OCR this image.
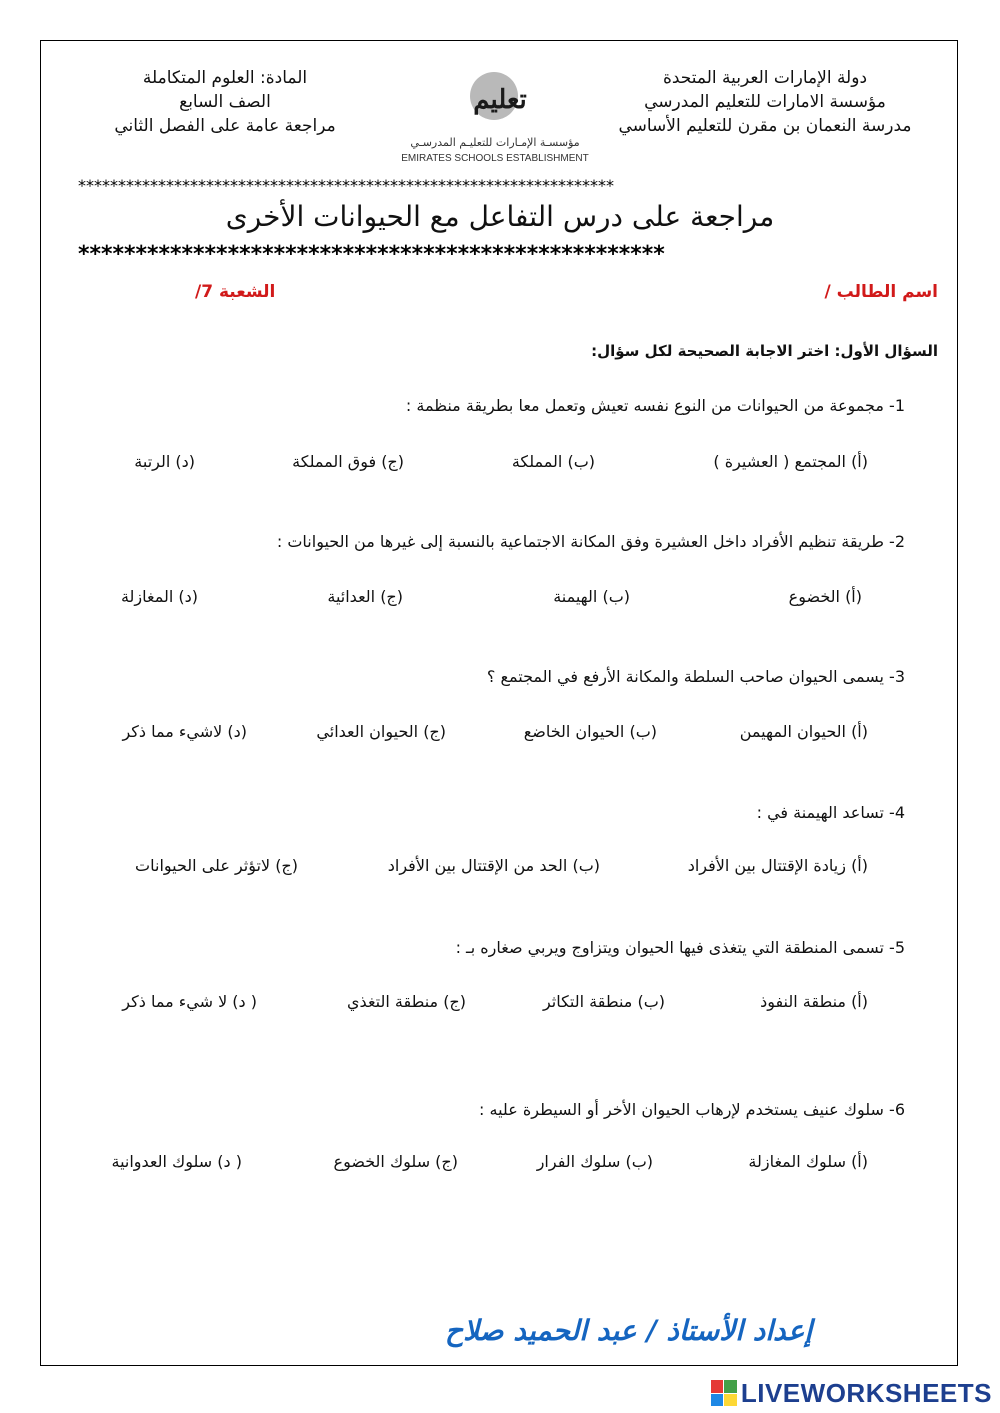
دولة الإمارات العربية المتحدة
مؤسسة الامارات للتعليم المدرسي
مدرسة النعمان بن مقرن للتعليم الأساسي
تعليم
مؤسسـة الإمـارات للتعليـم المدرسـي
EMIRATES SCHOOLS ESTABLISHMENT
المادة: العلوم المتكاملة
الصف السابع
مراجعة عامة على الفصل الثاني
*******************************************************************
مراجعة على درس التفاعل مع الحيوانات الأخرى
***************************************************
اسم الطالب /
الشعبة 7/
السؤال الأول: اختر الاجابة الصحيحة لكل سؤال:
1- مجموعة من الحيوانات من النوع نفسه تعيش وتعمل معا بطريقة منظمة :
(أ) المجتمع ( العشيرة )
(ب) المملكة
(ج) فوق المملكة
(د) الرتبة
2- طريقة تنظيم الأفراد داخل العشيرة وفق المكانة الاجتماعية بالنسبة إلى غيرها من الحيوانات :
(أ) الخضوع
(ب) الهيمنة
(ج) العدائية
(د) المغازلة
3- يسمى الحيوان صاحب السلطة والمكانة الأرفع في المجتمع ؟
(أ) الحيوان المهيمن
(ب) الحيوان الخاضع
(ج) الحيوان العدائي
(د) لاشيء مما ذكر
4- تساعد الهيمنة في :
(أ) زيادة الإقتتال بين الأفراد
(ب) الحد من الإقتتال بين الأفراد
(ج) لاتؤثر على الحيوانات
5- تسمى المنطقة التي يتغذى فيها الحيوان ويتزاوج ويربي صغاره بـ :
(أ) منطقة النفوذ
(ب) منطقة التكاثر
(ج) منطقة التغذي
( د) لا شيء مما ذكر
6- سلوك عنيف يستخدم لإرهاب الحيوان الأخر أو السيطرة عليه :
(أ) سلوك المغازلة
(ب) سلوك الفرار
(ج) سلوك الخضوع
( د) سلوك العدوانية
إعداد الأستاذ / عبد الحميد صلاح
LIVEWORKSHEETS
